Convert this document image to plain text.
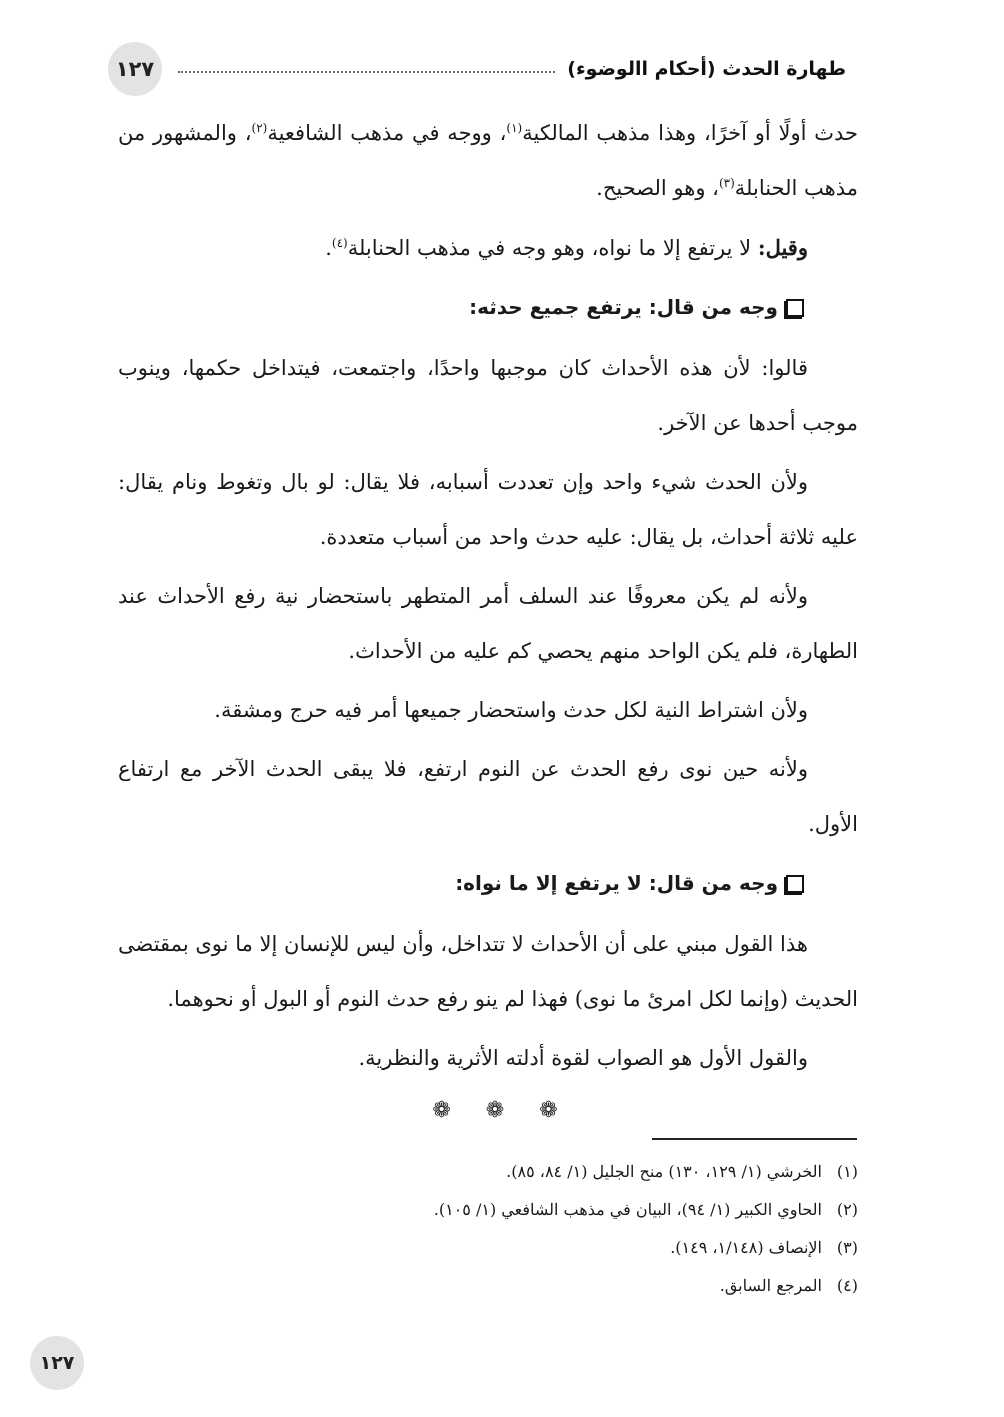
١٢٧	طهارة الحدث (أحكام االوضوء)

حدث أولًا أو آخرًا، وهذا مذهب المالكية$^{(١)}$، ووجه في مذهب الشافعية$^{(٢)}$، والمشهور من مذهب الحنابلة$^{(٣)}$، وهو الصحيح.

وقيل: لا يرتفع إلا ما نواه، وهو وجه في مذهب الحنابلة$^{(٤)}$.

وجه من قال: يرتفع جميع حدثه:

قالوا: لأن هذه الأحداث كان موجبها واحدًا، واجتمعت، فيتداخل حكمها، وينوب موجب أحدها عن الآخر.

ولأن الحدث شيء واحد وإن تعددت أسبابه، فلا يقال: لو بال وتغوط ونام يقال: عليه ثلاثة أحداث، بل يقال: عليه حدث واحد من أسباب متعددة.

ولأنه لم يكن معروفًا عند السلف أمر المتطهر باستحضار نية رفع الأحداث عند الطهارة، فلم يكن الواحد منهم يحصي كم عليه من الأحداث.

ولأن اشتراط النية لكل حدث واستحضار جميعها أمر فيه حرج ومشقة.

ولأنه حين نوى رفع الحدث عن النوم ارتفع، فلا يبقى الحدث الآخر مع ارتفاع الأول.

وجه من قال: لا يرتفع إلا ما نواه:

هذا القول مبني على أن الأحداث لا تتداخل، وأن ليس للإنسان إلا ما نوى بمقتضى الحديث (وإنما لكل امرئ ما نوى) فهذا لم ينو رفع حدث النوم أو البول أو نحوهما.

والقول الأول هو الصواب لقوة أدلته الأثرية والنظرية.

❁ ❁ ❁
(١)الخرشي (١/ ١٢٩، ١٣٠) منح الجليل (١/ ٨٤، ٨٥).
(٢)الحاوي الكبير (١/ ٩٤)، البيان في مذهب الشافعي (١/ ١٠٥).
(٣)الإنصاف (١/١٤٨، ١٤٩).
(٤)المرجع السابق.
١٢٧
